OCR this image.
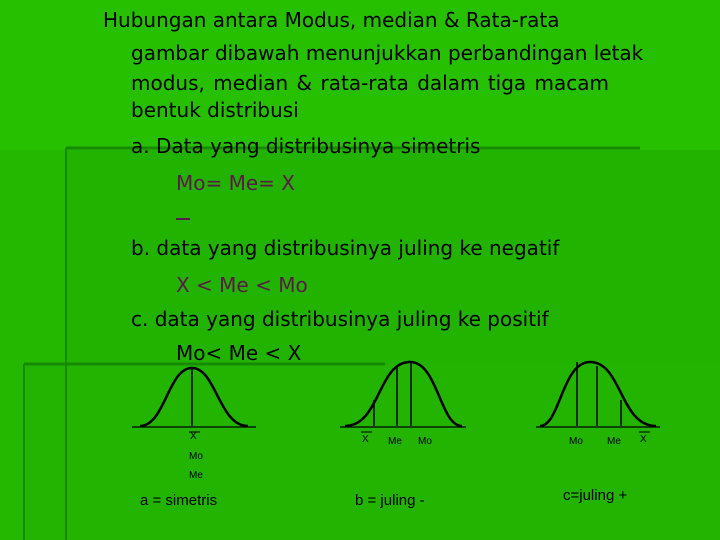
Hubungan antara Modus, median & Rata-rata
gambar dibawah menunjukkan perbandingan letak
modus, median & rata-rata dalam tiga macam
bentuk distribusi
a. Data yang distribusinya simetris
Mo= Me= X
b. data yang distribusinya juling ke negatif
X < Me < Mo
c. data yang distribusinya juling ke positif
Mo< Me < X
X
Mo
Me
X Me Mo	Mo Me X
a = simetris	b = juling -	c=juling +
